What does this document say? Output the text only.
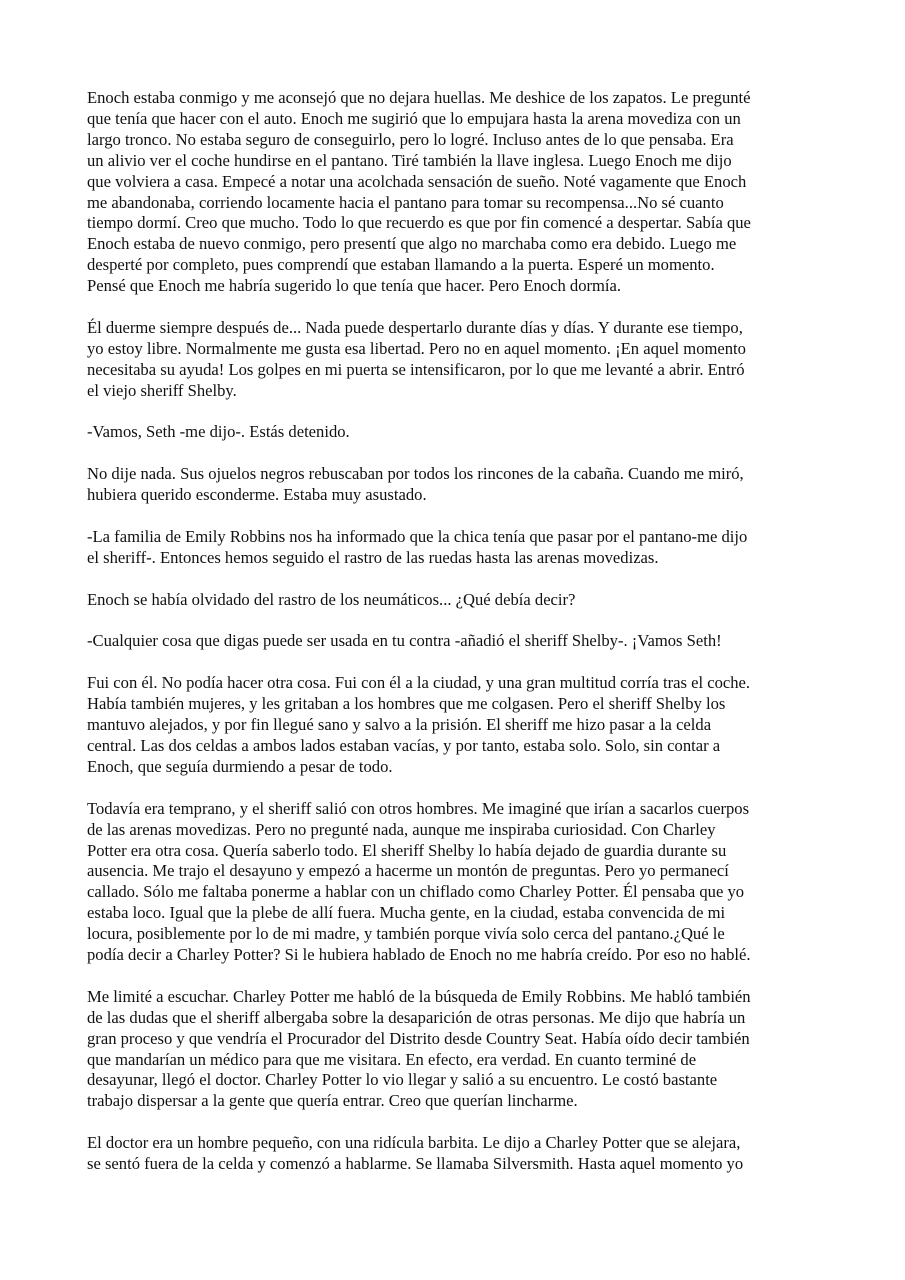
Enoch estaba conmigo y me aconsejó que no dejara huellas. Me deshice de los zapatos. Le pregunté
que tenía que hacer con el auto. Enoch me sugirió que lo empujara hasta la arena movediza con un
largo tronco. No estaba seguro de conseguirlo, pero lo logré. Incluso antes de lo que pensaba. Era
un alivio ver el coche hundirse en el pantano. Tiré también la llave inglesa. Luego Enoch me dijo
que volviera a casa. Empecé a notar una acolchada sensación de sueño. Noté vagamente que Enoch
me abandonaba, corriendo locamente hacia el pantano para tomar su recompensa...No sé cuanto
tiempo dormí. Creo que mucho. Todo lo que recuerdo es que por fin comencé a despertar. Sabía que
Enoch estaba de nuevo conmigo, pero presentí que algo no marchaba como era debido. Luego me
desperté por completo, pues comprendí que estaban llamando a la puerta. Esperé un momento.
Pensé que Enoch me habría sugerido lo que tenía que hacer. Pero Enoch dormía.

Él duerme siempre después de... Nada puede despertarlo durante días y días. Y durante ese tiempo,
yo estoy libre. Normalmente me gusta esa libertad. Pero no en aquel momento. ¡En aquel momento
necesitaba su ayuda! Los golpes en mi puerta se intensificaron, por lo que me levanté a abrir. Entró
el viejo sheriff Shelby.

-Vamos, Seth -me dijo-. Estás detenido.

No dije nada. Sus ojuelos negros rebuscaban por todos los rincones de la cabaña. Cuando me miró,
hubiera querido esconderme. Estaba muy asustado.

-La familia de Emily Robbins nos ha informado que la chica tenía que pasar por el pantano-me dijo
el sheriff-. Entonces hemos seguido el rastro de las ruedas hasta las arenas movedizas.

Enoch se había olvidado del rastro de los neumáticos... ¿Qué debía decir?

-Cualquier cosa que digas puede ser usada en tu contra -añadió el sheriff Shelby-. ¡Vamos Seth!

Fui con él. No podía hacer otra cosa. Fui con él a la ciudad, y una gran multitud corría tras el coche.
Había también mujeres, y les gritaban a los hombres que me colgasen. Pero el sheriff Shelby los
mantuvo alejados, y por fin llegué sano y salvo a la prisión. El sheriff me hizo pasar a la celda
central. Las dos celdas a ambos lados estaban vacías, y por tanto, estaba solo. Solo, sin contar a
Enoch, que seguía durmiendo a pesar de todo.

Todavía era temprano, y el sheriff salió con otros hombres. Me imaginé que irían a sacarlos cuerpos
de las arenas movedizas. Pero no pregunté nada, aunque me inspiraba curiosidad. Con Charley
Potter era otra cosa. Quería saberlo todo. El sheriff Shelby lo había dejado de guardia durante su
ausencia. Me trajo el desayuno y empezó a hacerme un montón de preguntas. Pero yo permanecí
callado. Sólo me faltaba ponerme a hablar con un chiflado como Charley Potter. Él pensaba que yo
estaba loco. Igual que la plebe de allí fuera. Mucha gente, en la ciudad, estaba convencida de mi
locura, posiblemente por lo de mi madre, y también porque vivía solo cerca del pantano.¿Qué le
podía decir a Charley Potter? Si le hubiera hablado de Enoch no me habría creído. Por eso no hablé.

Me limité a escuchar. Charley Potter me habló de la búsqueda de Emily Robbins. Me habló también
de las dudas que el sheriff albergaba sobre la desaparición de otras personas. Me dijo que habría un
gran proceso y que vendría el Procurador del Distrito desde Country Seat. Había oído decir también
que mandarían un médico para que me visitara. En efecto, era verdad. En cuanto terminé de
desayunar, llegó el doctor. Charley Potter lo vio llegar y salió a su encuentro. Le costó bastante
trabajo dispersar a la gente que quería entrar. Creo que querían lincharme.

El doctor era un hombre pequeño, con una ridícula barbita. Le dijo a Charley Potter que se alejara,
se sentó fuera de la celda y comenzó a hablarme. Se llamaba Silversmith. Hasta aquel momento yo
